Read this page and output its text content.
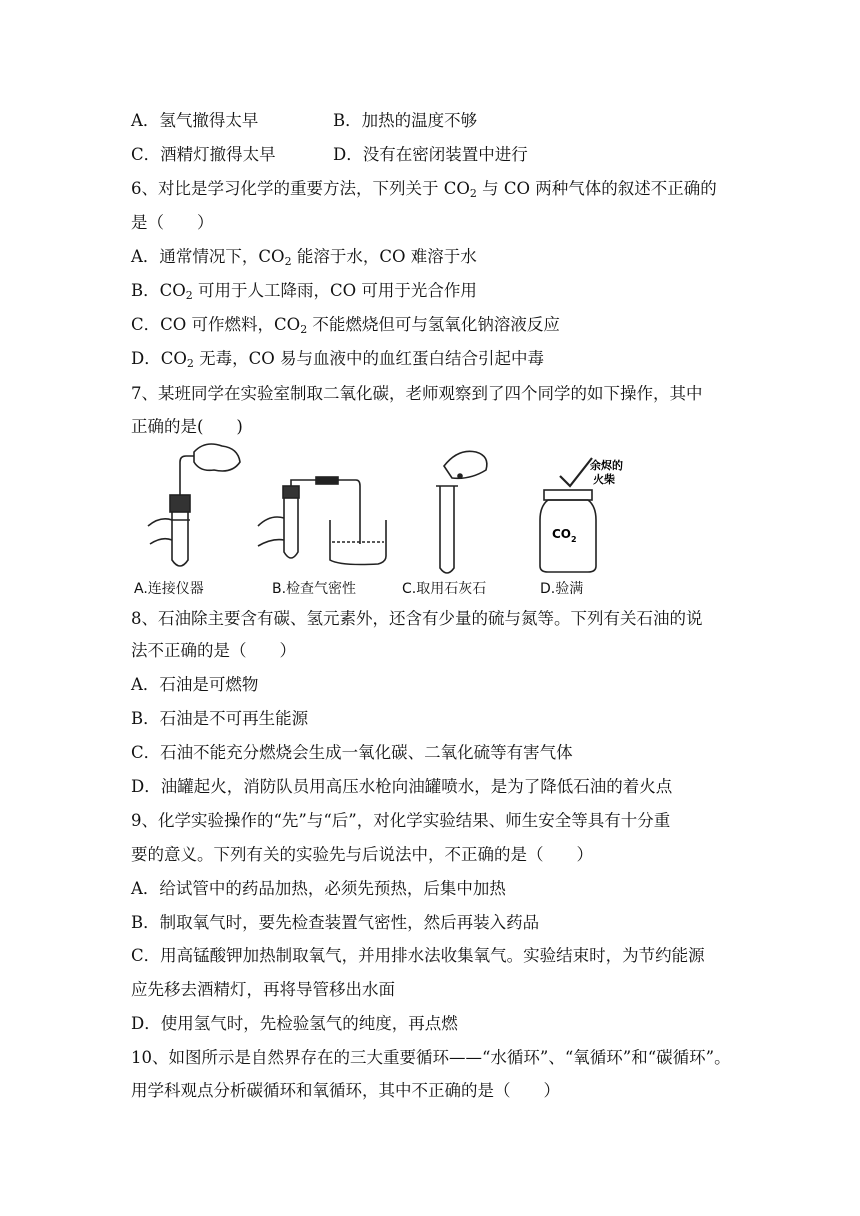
A．氢气撤得太早	B．加热的温度不够
C．酒精灯撤得太早	D．没有在密闭装置中进行
6、对比是学习化学的重要方法，下列关于 $CO_2$ 与 CO 两种气体的叙述不正确的
是（　　）
A．通常情况下，$CO_2$ 能溶于水，CO 难溶于水
B．$CO_2$ 可用于人工降雨，CO 可用于光合作用
C．CO 可作燃料，$CO_2$ 不能燃烧但可与氢氧化钠溶液反应
D．$CO_2$ 无毒，CO 易与血液中的血红蛋白结合引起中毒
7、某班同学在实验室制取二氧化碳，老师观察到了四个同学的如下操作，其中
正确的是(　　)
余烬的
火柴
$CO_2$
A.连接仪器	B.检查气密性	C.取用石灰石	D.验满
8、石油除主要含有碳、氢元素外，还含有少量的硫与氮等。下列有关石油的说
法不正确的是（　　）
A．石油是可燃物
B．石油是不可再生能源
C．石油不能充分燃烧会生成一氧化碳、二氧化硫等有害气体
D．油罐起火，消防队员用高压水枪向油罐喷水，是为了降低石油的着火点
9、化学实验操作的“先”与“后”，对化学实验结果、师生安全等具有十分重
要的意义。下列有关的实验先与后说法中，不正确的是（　　）
A．给试管中的药品加热，必须先预热，后集中加热
B．制取氧气时，要先检查装置气密性，然后再装入药品
C．用高锰酸钾加热制取氧气，并用排水法收集氧气。实验结束时，为节约能源
应先移去酒精灯，再将导管移出水面
D．使用氢气时，先检验氢气的纯度，再点燃
10、如图所示是自然界存在的三大重要循环——“水循环”、“氧循环”和“碳循环”。
用学科观点分析碳循环和氧循环，其中不正确的是（　　）
